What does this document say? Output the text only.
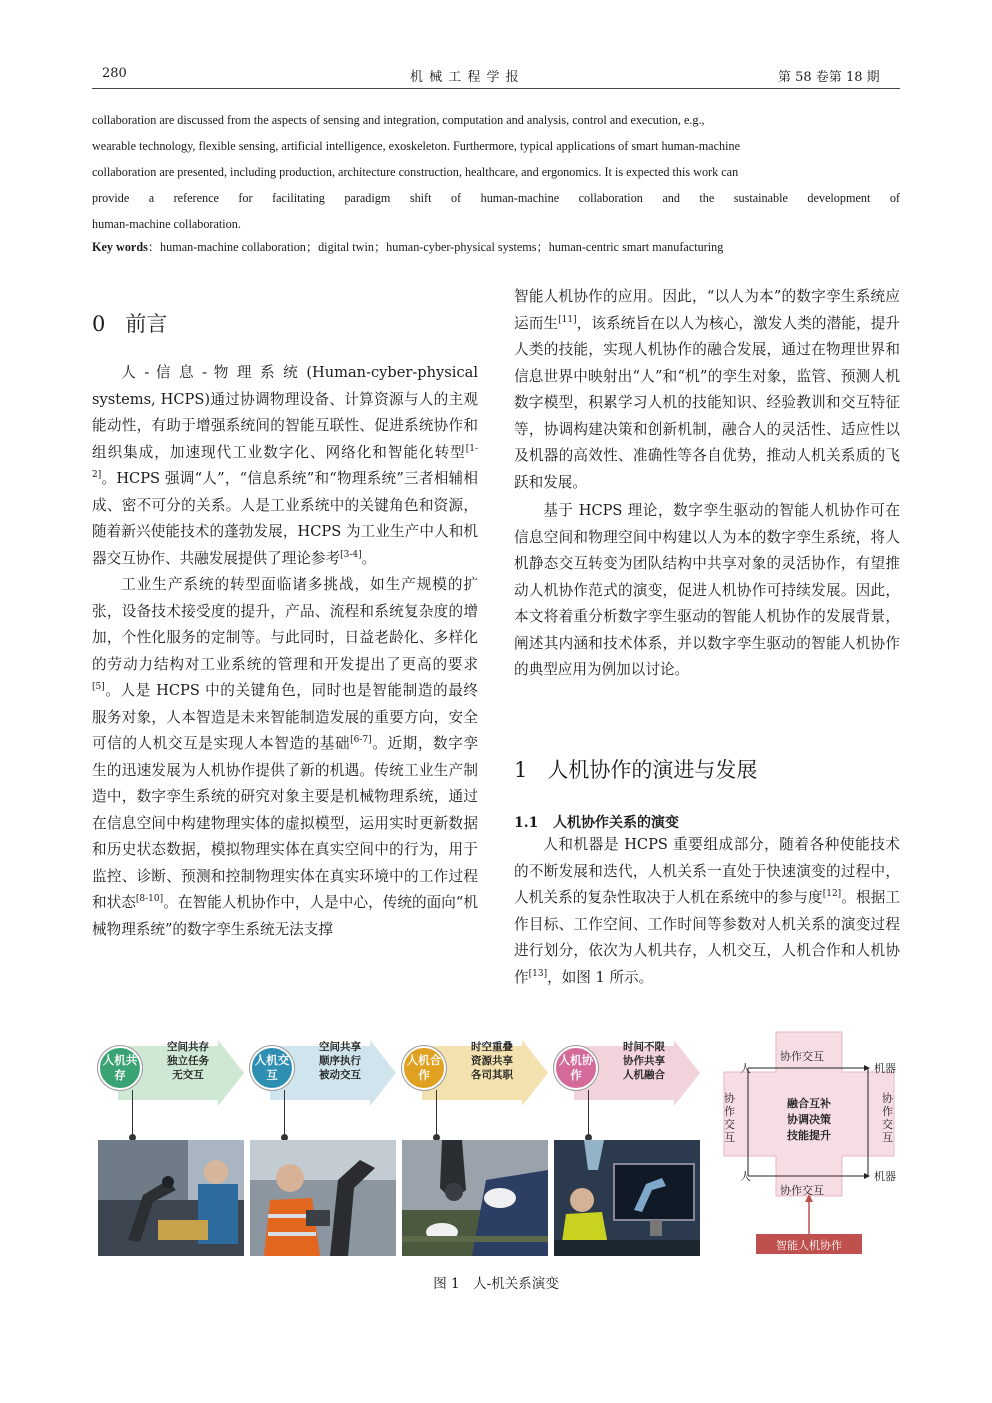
280	机 械 工 程 学 报	第 58 卷第 18 期
collaboration are discussed from the aspects of sensing and integration, computation and analysis, control and execution, e.g.,
wearable technology, flexible sensing, artificial intelligence, exoskeleton. Furthermore, typical applications of smart human-machine
collaboration are presented, including production, architecture construction, healthcare, and ergonomics. It is expected this work can
provide a reference for facilitating paradigm shift of human-machine collaboration and the sustainable development of
human-machine collaboration.
Key words：human-machine collaboration；digital twin；human-cyber-physical systems；human-centric smart manufacturing
0 前言

人 - 信 息 - 物 理 系 统 (Human-cyber-physical systems, HCPS)通过协调物理设备、计算资源与人的主观能动性，有助于增强系统间的智能互联性、促进系统协作和组织集成，加速现代工业数字化、网络化和智能化转型[1-2]。HCPS 强调“人”，“信息系统”和“物理系统”三者相辅相成、密不可分的关系。人是工业系统中的关键角色和资源，随着新兴使能技术的蓬勃发展，HCPS 为工业生产中人和机器交互协作、共融发展提供了理论参考[3-4]。

工业生产系统的转型面临诸多挑战，如生产规模的扩张，设备技术接受度的提升，产品、流程和系统复杂度的增加，个性化服务的定制等。与此同时，日益老龄化、多样化的劳动力结构对工业系统的管理和开发提出了更高的要求[5]。人是 HCPS 中的关键角色，同时也是智能制造的最终服务对象，人本智造是未来智能制造发展的重要方向，安全可信的人机交互是实现人本智造的基础[6-7]。近期，数字孪生的迅速发展为人机协作提供了新的机遇。传统工业生产制造中，数字孪生系统的研究对象主要是机械物理系统，通过在信息空间中构建物理实体的虚拟模型，运用实时更新数据和历史状态数据，模拟物理实体在真实空间中的行为，用于监控、诊断、预测和控制物理实体在真实环境中的工作过程和状态[8-10]。在智能人机协作中，人是中心，传统的面向“机械物理系统”的数字孪生系统无法支撑

智能人机协作的应用。因此，“以人为本”的数字孪生系统应运而生[11]，该系统旨在以人为核心，激发人类的潜能，提升人类的技能，实现人机协作的融合发展，通过在物理世界和信息世界中映射出“人”和“机”的孪生对象，监管、预测人机数字模型，积累学习人机的技能知识、经验教训和交互特征等，协调构建决策和创新机制，融合人的灵活性、适应性以及机器的高效性、准确性等各自优势，推动人机关系质的飞跃和发展。

基于 HCPS 理论，数字孪生驱动的智能人机协作可在信息空间和物理空间中构建以人为本的数字孪生系统，将人机静态交互转变为团队结构中共享对象的灵活协作，有望推动人机协作范式的演变，促进人机协作可持续发展。因此，本文将着重分析数字孪生驱动的智能人机协作的发展背景，阐述其内涵和技术体系，并以数字孪生驱动的智能人机协作的典型应用为例加以讨论。

1 人机协作的演进与发展
1.1 人机协作关系的演变

人和机器是 HCPS 重要组成部分，随着各种使能技术的不断发展和迭代，人机关系一直处于快速演变的过程中，人机关系的复杂性取决于人机在系统中的参与度[12]。根据工作目标、工作空间、工作时间等参数对人机关系的演变过程进行划分，依次为人机共存，人机交互，人机合作和人机协作[13]，如图 1 所示。

人机共存
空间共存
独立任务
无交互
人机交互
空间共享
顺序执行
被动交互
人机合作
时空重叠
资源共享
各司其职
人机协作
时间不限
协作共享
人机融合	人	机器
人	机器
协作交互
协作交互
协作交互
协作交互
融合互补
协调决策
技能提升
智能人机协作
图 1　人-机关系演变
